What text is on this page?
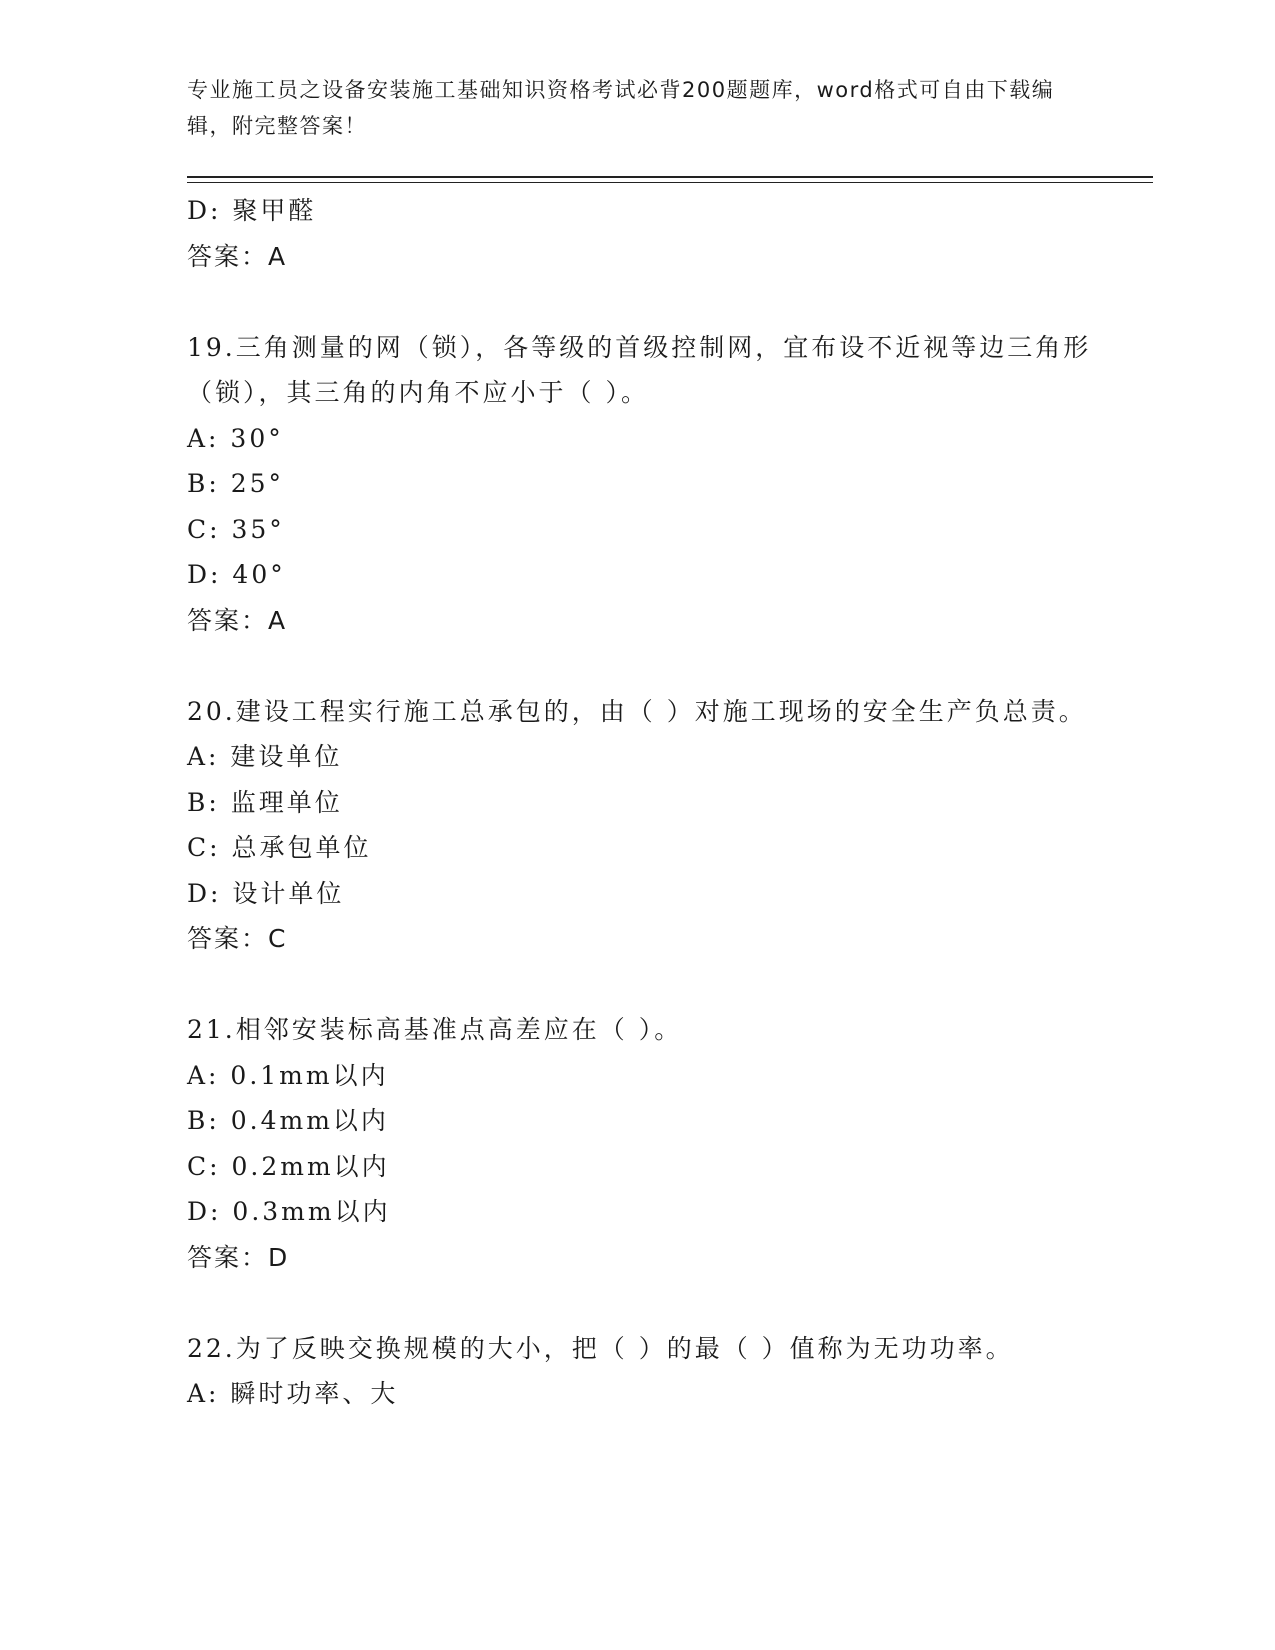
专业施工员之设备安装施工基础知识资格考试必背200题题库，word格式可自由下载编辑，附完整答案！
D: 聚甲醛
答案：A
19.三角测量的网（锁），各等级的首级控制网，宜布设不近视等边三角形（锁），其三角的内角不应小于（ ）。
A: 30°
B: 25°
C: 35°
D: 40°
答案：A
20.建设工程实行施工总承包的，由（ ）对施工现场的安全生产负总责。
A: 建设单位
B: 监理单位
C: 总承包单位
D: 设计单位
答案：C
21.相邻安装标高基准点高差应在（ ）。
A: 0.1mm以内
B: 0.4mm以内
C: 0.2mm以内
D: 0.3mm以内
答案：D
22.为了反映交换规模的大小，把（ ）的最（ ）值称为无功功率。
A: 瞬时功率、大
